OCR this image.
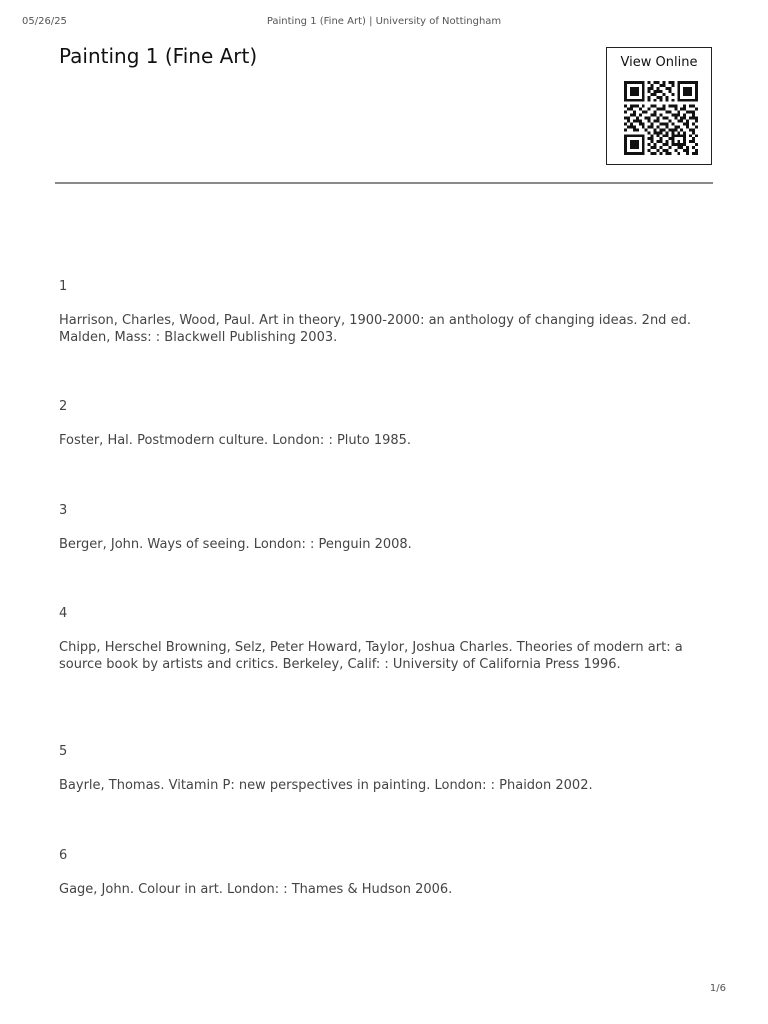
05/26/25	Painting 1 (Fine Art) | University of Nottingham
Painting 1 (Fine Art)	View Online

1

Harrison, Charles, Wood, Paul. Art in theory, 1900-2000: an anthology of changing ideas. 2nd ed. Malden, Mass: : Blackwell Publishing 2003.

2

Foster, Hal. Postmodern culture. London: : Pluto 1985.

3

Berger, John. Ways of seeing. London: : Penguin 2008.

4

Chipp, Herschel Browning, Selz, Peter Howard, Taylor, Joshua Charles. Theories of modern art: a source book by artists and critics. Berkeley, Calif: : University of California Press 1996.

5

Bayrle, Thomas. Vitamin P: new perspectives in painting. London: : Phaidon 2002.

6

Gage, John. Colour in art. London: : Thames & Hudson 2006.

1/6
